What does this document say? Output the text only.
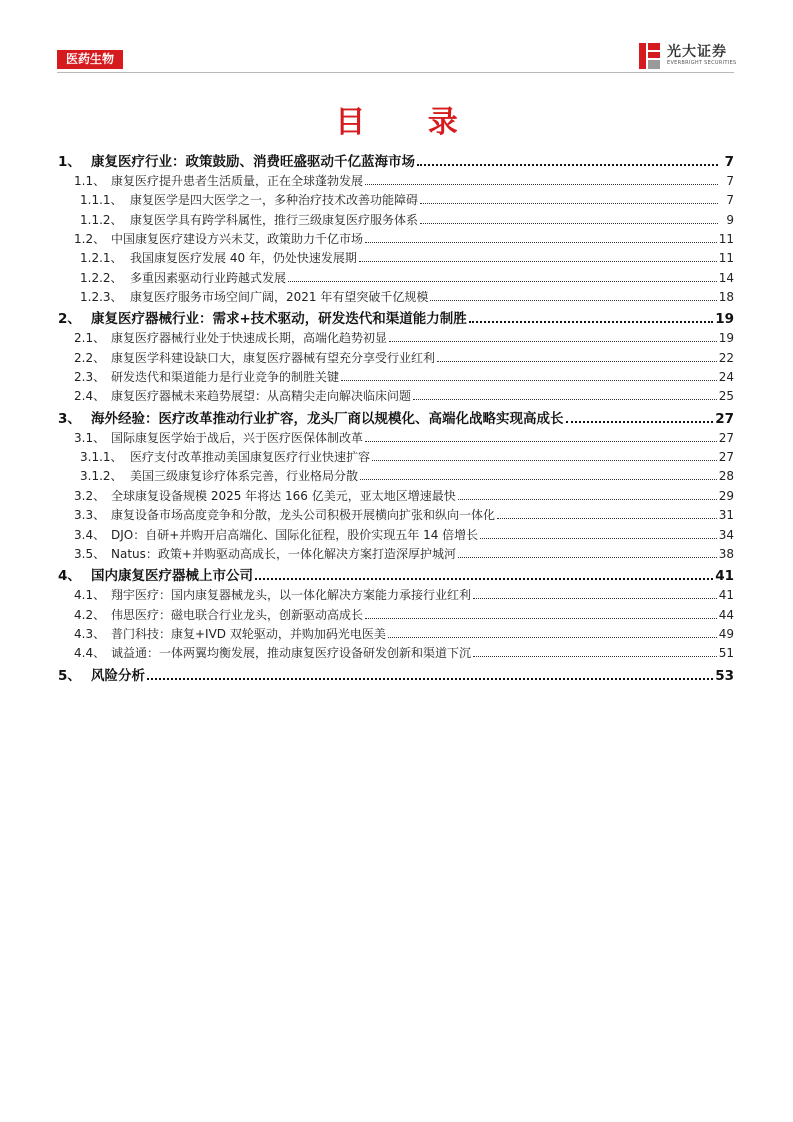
医药生物	光大证券
EVERBRIGHT SECURITIES
目 录
1、 康复医疗行业：政策鼓励、消费旺盛驱动千亿蓝海市场	7
1.1、 康复医疗提升患者生活质量，正在全球蓬勃发展	7
1.1.1、 康复医学是四大医学之一，多种治疗技术改善功能障碍	7
1.1.2、 康复医学具有跨学科属性，推行三级康复医疗服务体系	9
1.2、 中国康复医疗建设方兴未艾，政策助力千亿市场	11
1.2.1、 我国康复医疗发展 40 年，仍处快速发展期	11
1.2.2、 多重因素驱动行业跨越式发展	14
1.2.3、 康复医疗服务市场空间广阔，2021 年有望突破千亿规模	18
2、 康复医疗器械行业：需求+技术驱动，研发迭代和渠道能力制胜	19
2.1、 康复医疗器械行业处于快速成长期，高端化趋势初显	19
2.2、 康复医学科建设缺口大，康复医疗器械有望充分享受行业红利	22
2.3、 研发迭代和渠道能力是行业竞争的制胜关键	24
2.4、 康复医疗器械未来趋势展望：从高精尖走向解决临床问题	25
3、 海外经验：医疗改革推动行业扩容，龙头厂商以规模化、高端化战略实现高成长	27
3.1、 国际康复医学始于战后，兴于医疗医保体制改革	27
3.1.1、 医疗支付改革推动美国康复医疗行业快速扩容	27
3.1.2、 美国三级康复诊疗体系完善，行业格局分散	28
3.2、 全球康复设备规模 2025 年将达 166 亿美元，亚太地区增速最快	29
3.3、 康复设备市场高度竞争和分散，龙头公司积极开展横向扩张和纵向一体化	31
3.4、 DJO：自研+并购开启高端化、国际化征程，股价实现五年 14 倍增长	34
3.5、 Natus：政策+并购驱动高成长，一体化解决方案打造深厚护城河	38
4、 国内康复医疗器械上市公司	41
4.1、 翔宇医疗：国内康复器械龙头，以一体化解决方案能力承接行业红利	41
4.2、 伟思医疗：磁电联合行业龙头，创新驱动高成长	44
4.3、 普门科技：康复+IVD 双轮驱动，并购加码光电医美	49
4.4、 诚益通：一体两翼均衡发展，推动康复医疗设备研发创新和渠道下沉	51
5、 风险分析	53
